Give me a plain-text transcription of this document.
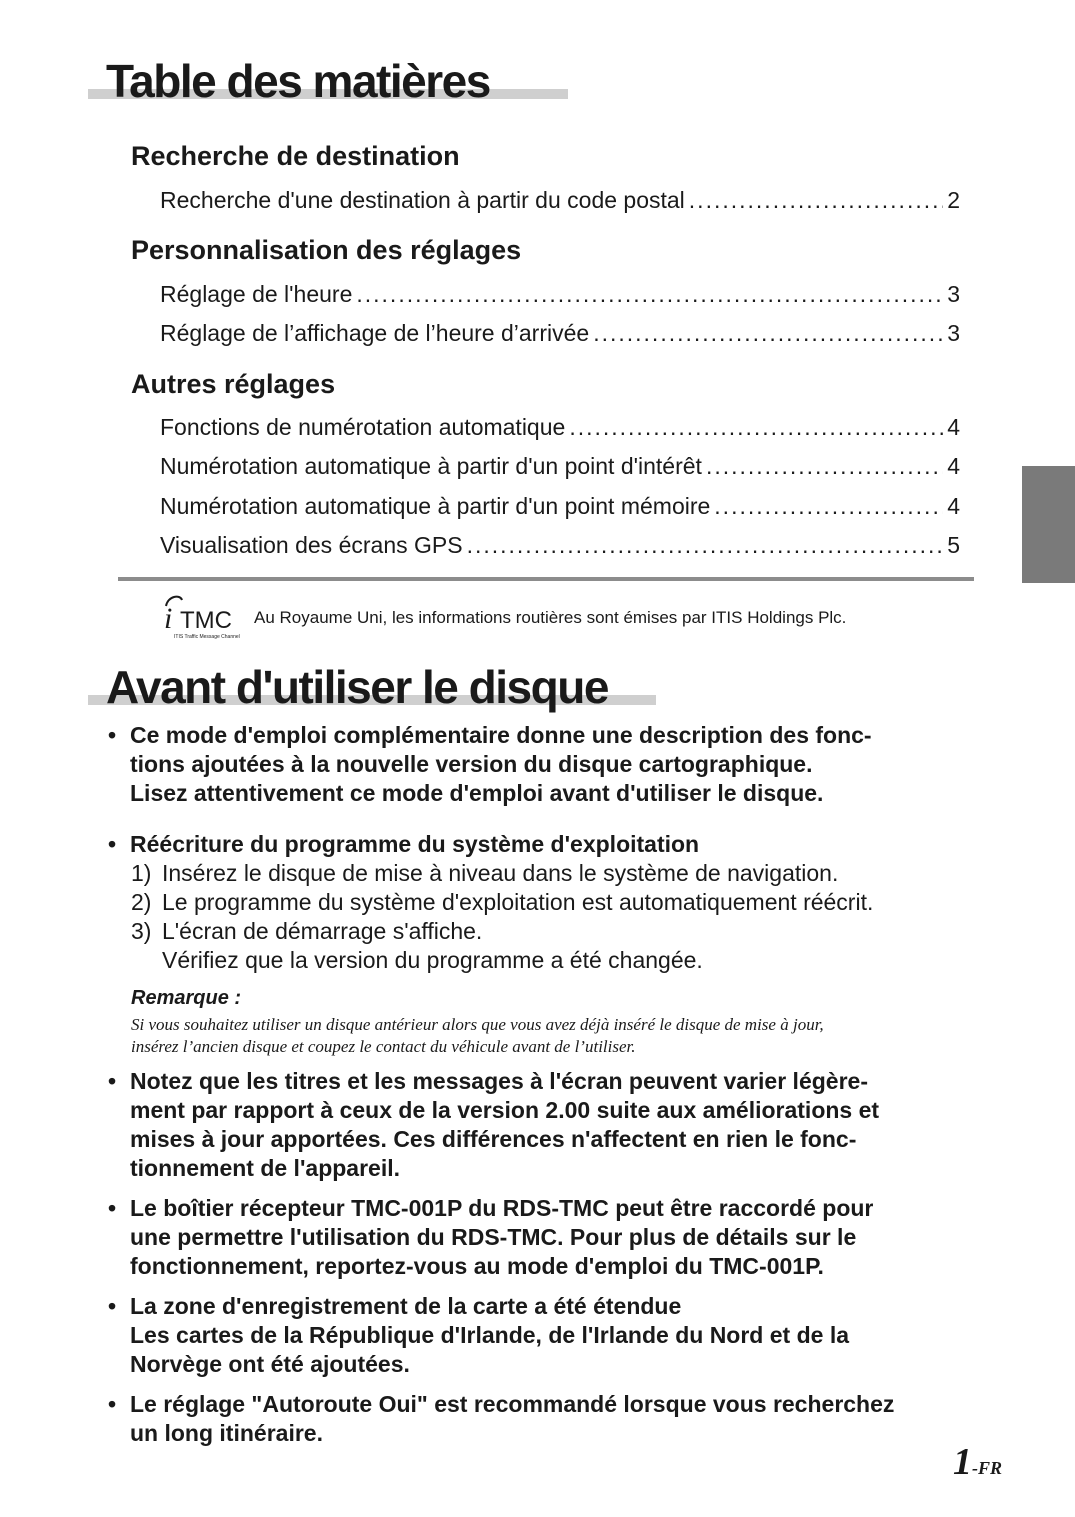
Table des matières
Recherche de destination
Recherche d'une destination à partir du code postal .....	2
Personnalisation des réglages
Réglage de l'heure .....	3
Réglage de l’affichage de l’heure d’arrivée .....	3
Autres réglages
Fonctions de numérotation automatique .....	4
Numérotation automatique à partir d'un point d'intérêt .....	4
Numérotation automatique à partir d'un point mémoire .....	4
Visualisation des écrans GPS .....	5
i TMC
ITIS Traffic Message Channel
Au Royaume Uni, les informations routières sont émises par ITIS Holdings Plc.
Avant d'utiliser le disque
• Ce mode d'emploi complémentaire donne une description des fonc-
tions ajoutées à la nouvelle version du disque cartographique.
Lisez attentivement ce mode d'emploi avant d'utiliser le disque.
• Réécriture du programme du système d'exploitation
1) Insérez le disque de mise à niveau dans le système de navigation.
2) Le programme du système d'exploitation est automatiquement réécrit.
3) L'écran de démarrage s'affiche.
Vérifiez que la version du programme a été changée.
Remarque :
Si vous souhaitez utiliser un disque antérieur alors que vous avez déjà inséré le disque de mise à jour,
insérez l’ancien disque et coupez le contact du véhicule avant de l’utiliser.
• Notez que les titres et les messages à l'écran peuvent varier légère-
ment par rapport à ceux de la version 2.00 suite aux améliorations et
mises à jour apportées. Ces différences n'affectent en rien le fonc-
tionnement de l'appareil.
• Le boîtier récepteur TMC-001P du RDS-TMC peut être raccordé pour
une permettre l'utilisation du RDS-TMC. Pour plus de détails sur le
fonctionnement, reportez-vous au mode d'emploi du TMC-001P.
• La zone d'enregistrement de la carte a été étendue
Les cartes de la République d'Irlande, de l'Irlande du Nord et de la
Norvège ont été ajoutées.
• Le réglage "Autoroute Oui" est recommandé lorsque vous recherchez
un long itinéraire.
1-FR
